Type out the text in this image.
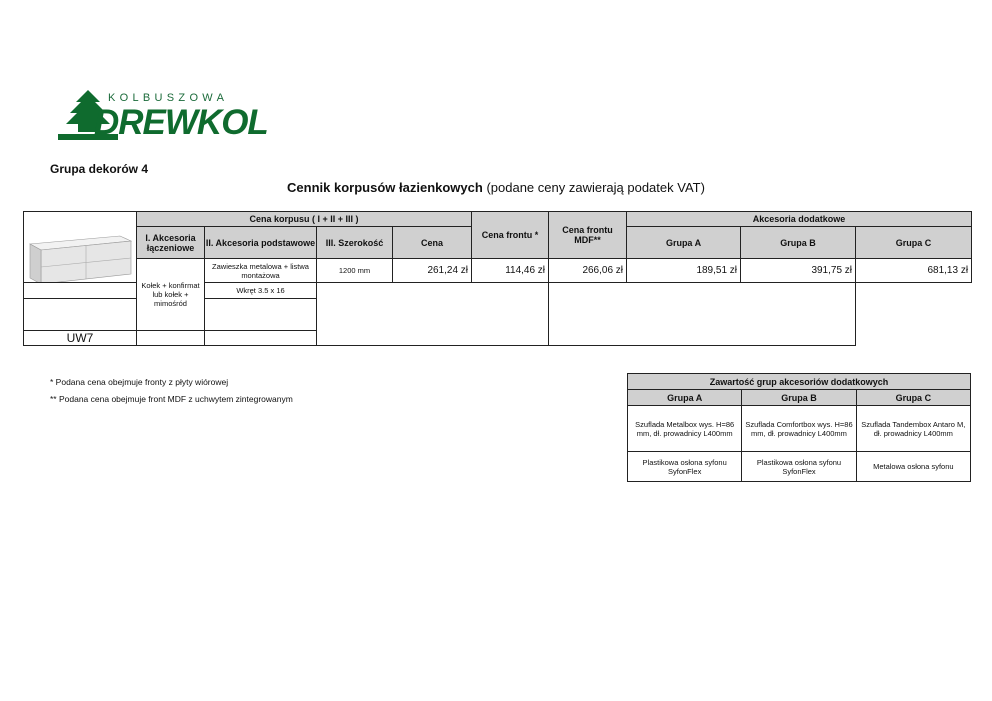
KOLBUSZOWA
DREWKOL
Grupa dekorów 4
Cennik korpusów łazienkowych (podane ceny zawierają podatek VAT)
	Cena korpusu ( I + II + III )				Cena frontu *	Cena frontu MDF**	Akcesoria dodatkowe		
	I. Akcesoria łączeniowe	II. Akcesoria podstawowe	III. Szerokość	Cena			Grupa A	Grupa B	Grupa C
	Kołek + konfirmat lub kołek + mimośród	Zawieszka metalowa + listwa montażowa	1200 mm	261,24 zł	114,46 zł	266,06 zł	189,51 zł	391,75 zł	681,13 zł
		Wkręt 3.5 x 16							

UW7									
* Podana cena obejmuje fronty z płyty wiórowej
** Podana cena obejmuje front MDF z uchwytem zintegrowanym
Zawartość grup akcesoriów dodatkowych		
Grupa A	Grupa B	Grupa C
Szuflada Metalbox wys. H=86 mm, dł. prowadnicy L400mm	Szuflada Comfortbox wys. H=86 mm, dł. prowadnicy L400mm	Szuflada Tandembox Antaro M, dł. prowadnicy L400mm
Plastikowa osłona syfonu SyfonFlex	Plastikowa osłona syfonu SyfonFlex	Metalowa osłona syfonu
